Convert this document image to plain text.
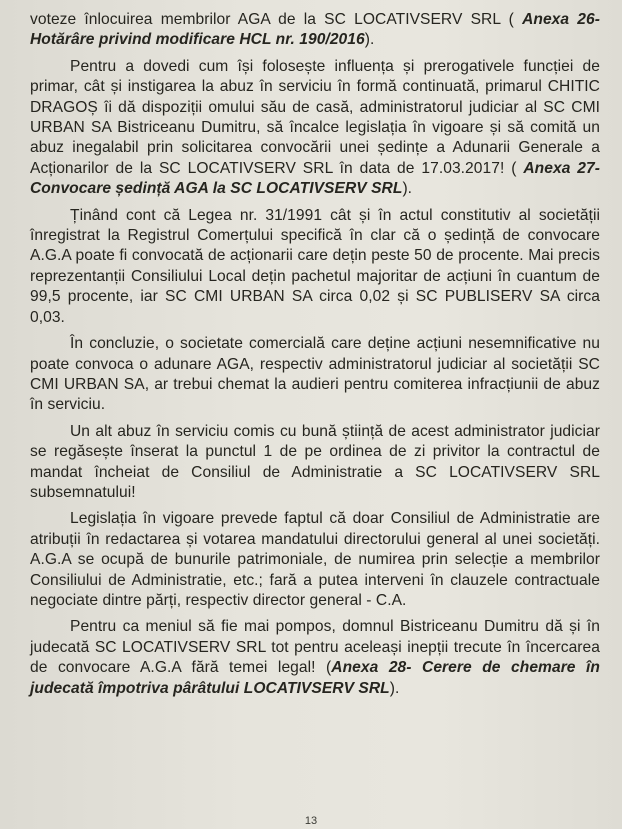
voteze înlocuirea membrilor AGA de la SC LOCATIVSERV SRL ( Anexa 26- Hotărâre privind modificare HCL nr. 190/2016).

Pentru a dovedi cum își folosește influența și prerogativele funcției de primar, cât și instigarea la abuz în serviciu în formă continuată, primarul CHITIC DRAGOȘ îi dă dispoziții omului său de casă, administratorul judiciar al SC CMI URBAN SA Bistriceanu Dumitru, să încalce legislația în vigoare și să comită un abuz inegalabil prin solicitarea convocării unei ședințe a Adunarii Generale a Acționarilor de la SC LOCATIVSERV SRL în data de 17.03.2017! ( Anexa 27- Convocare ședință AGA la SC LOCATIVSERV SRL).

Ținând cont că Legea nr. 31/1991 cât și în actul constitutiv al societății înregistrat la Registrul Comerțului specifică în clar că o ședință de convocare A.G.A poate fi convocată de acționarii care dețin peste 50 de procente. Mai precis reprezentanții Consiliului Local dețin pachetul majoritar de acțiuni în cuantum de 99,5 procente, iar SC CMI URBAN SA circa 0,02 și SC PUBLISERV SA circa 0,03.

În concluzie, o societate comercială care deține acțiuni nesemnificative nu poate convoca o adunare AGA, respectiv administratorul judiciar al societății SC CMI URBAN SA, ar trebui chemat la audieri pentru comiterea infracțiunii de abuz în serviciu.

Un alt abuz în serviciu comis cu bună știință de acest administrator judiciar se regăsește înserat la punctul 1 de pe ordinea de zi privitor la contractul de mandat încheiat de Consiliul de Administratie a SC LOCATIVSERV SRL subsemnatului!

Legislația în vigoare prevede faptul că doar Consiliul de Administratie are atribuții în redactarea și votarea mandatului directorului general al unei societăți. A.G.A se ocupă de bunurile patrimoniale, de numirea prin selecție a membrilor Consiliului de Administratie, etc.; fară a putea interveni în clauzele contractuale negociate dintre părți, respectiv director general - C.A.

Pentru ca meniul să fie mai pompos, domnul Bistriceanu Dumitru dă și în judecată SC LOCATIVSERV SRL tot pentru aceleași inepții trecute în încercarea de convocare A.G.A fără temei legal! (Anexa 28- Cerere de chemare în judecată împotriva pârâtului LOCATIVSERV SRL).

13
